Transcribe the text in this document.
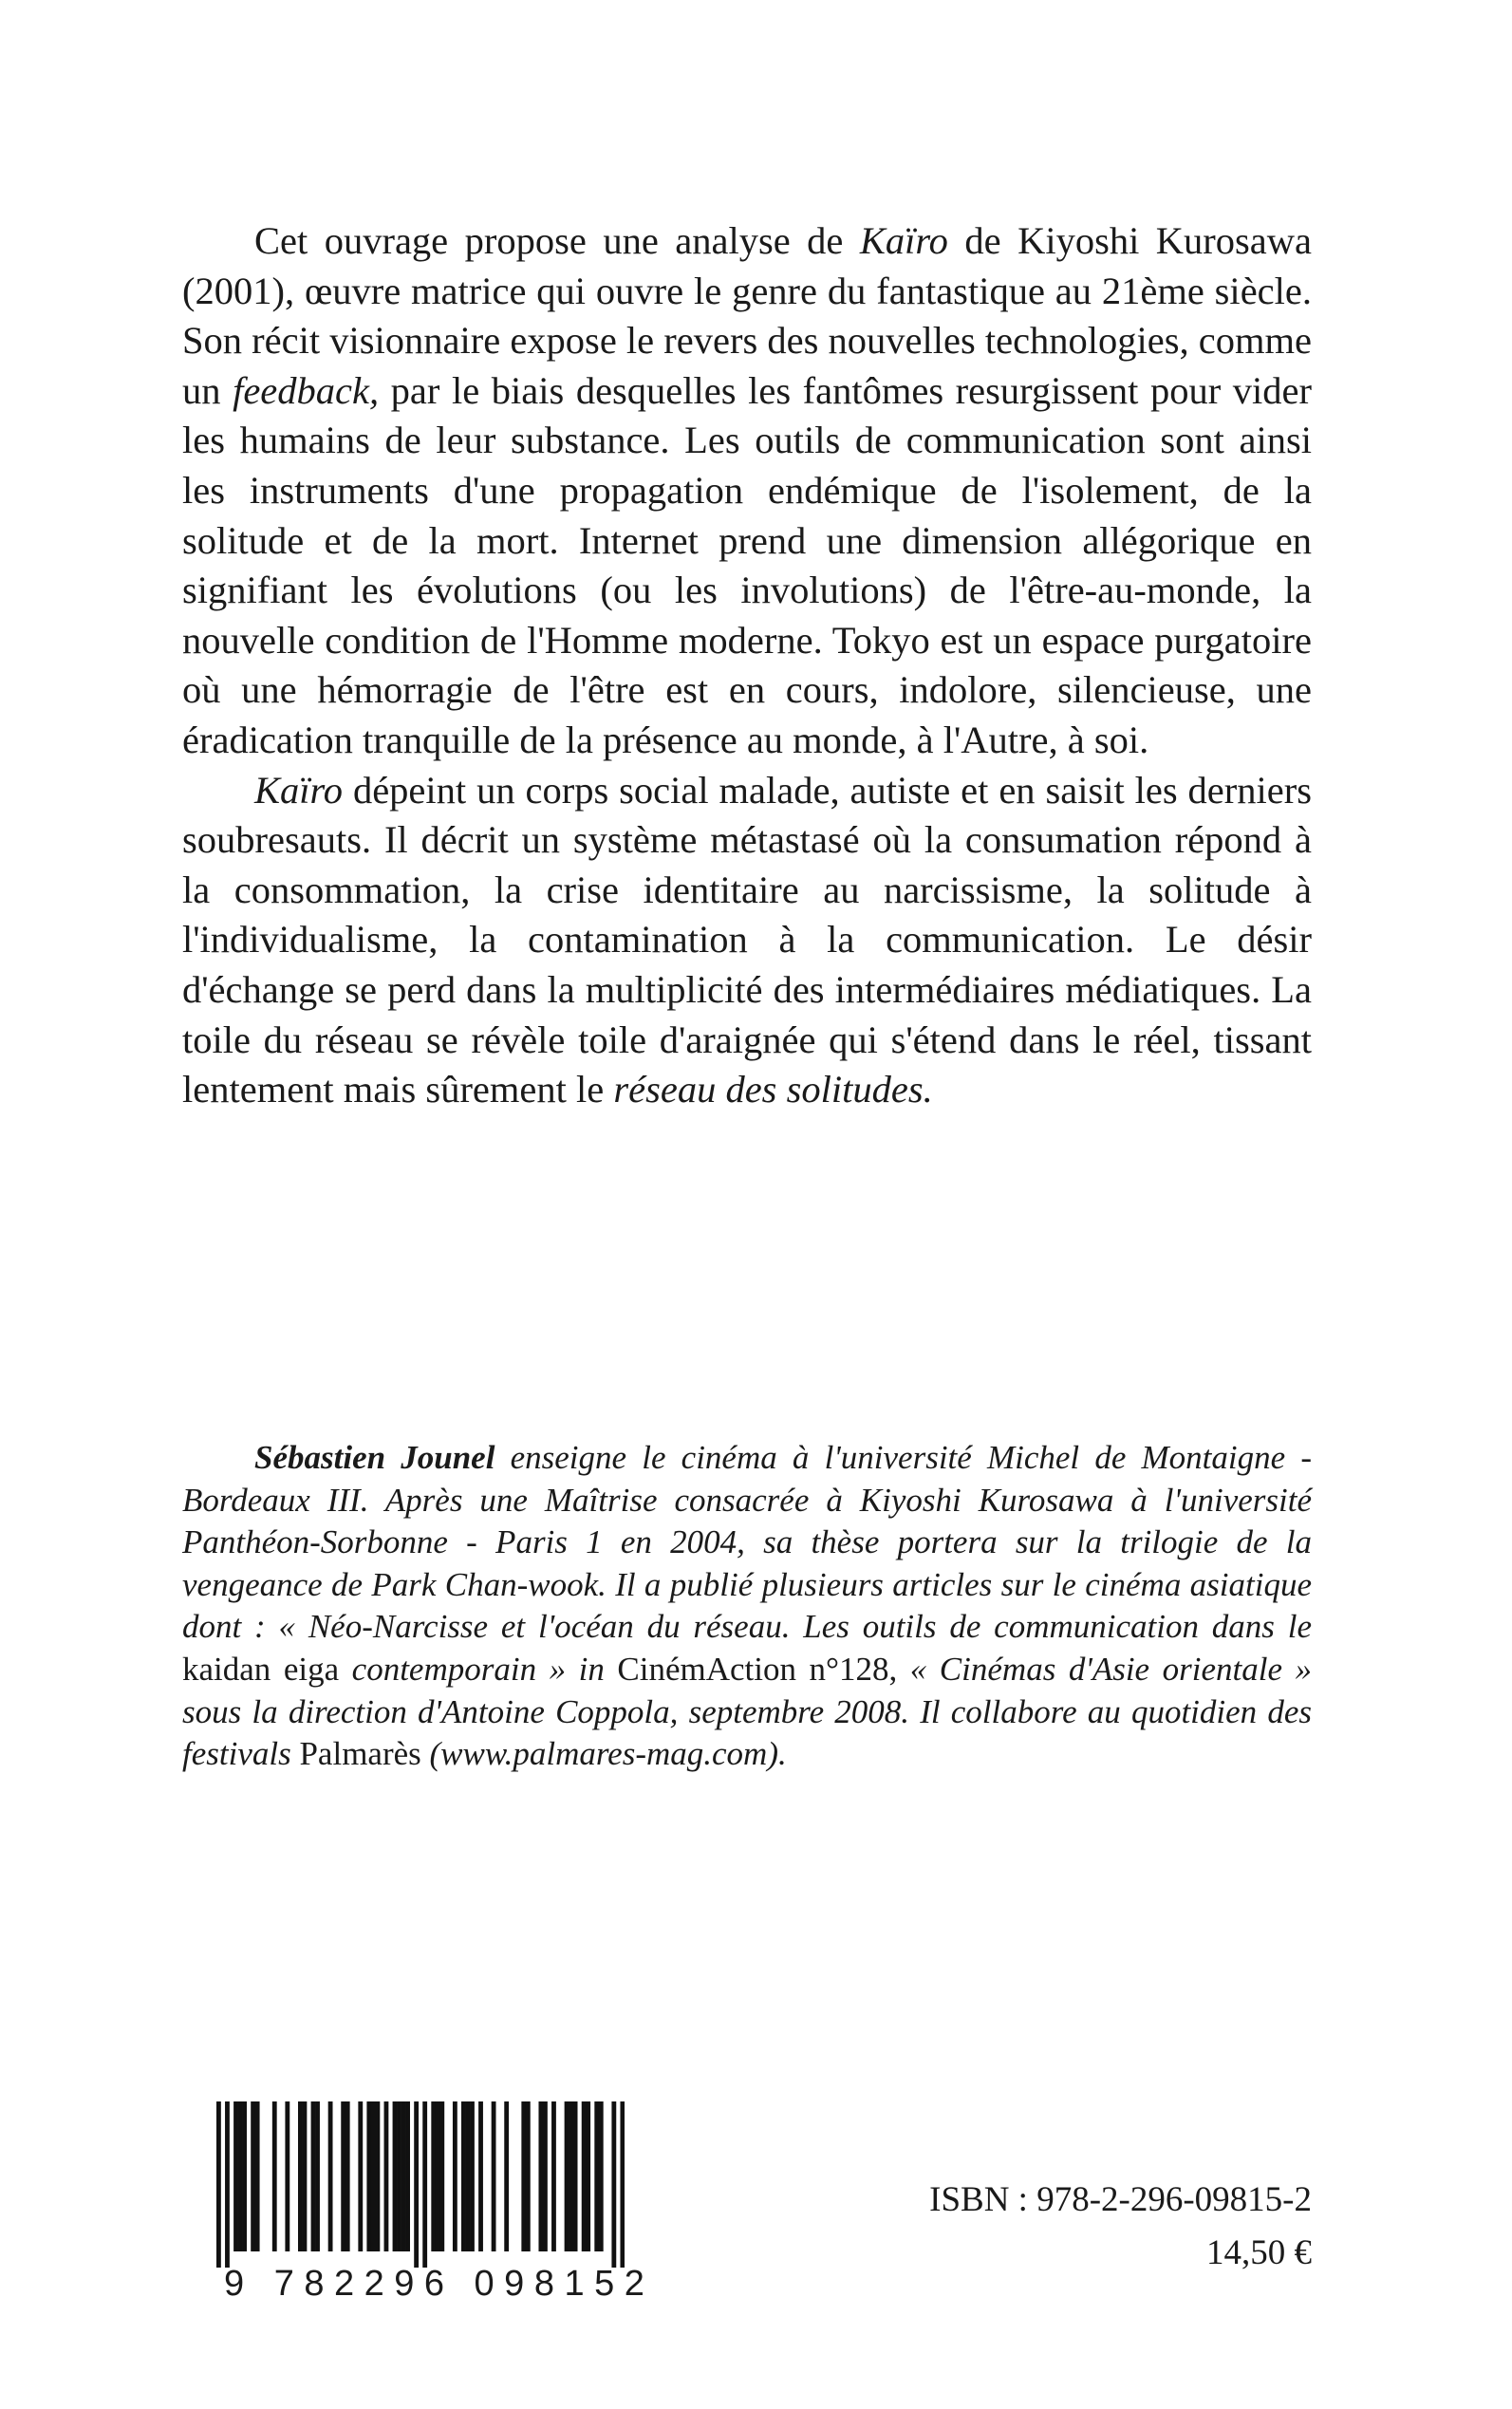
Cet ouvrage propose une analyse de Kaïro de Kiyoshi Kurosawa (2001), œuvre matrice qui ouvre le genre du fantastique au 21ème siècle. Son récit visionnaire expose le revers des nouvelles technologies, comme un feedback, par le biais desquelles les fantômes resurgissent pour vider les humains de leur substance. Les outils de communication sont ainsi les instruments d'une propagation endémique de l'isolement, de la solitude et de la mort. Internet prend une dimension allégorique en signifiant les évolutions (ou les involutions) de l'être-au-monde, la nouvelle condition de l'Homme moderne. Tokyo est un espace purgatoire où une hémorragie de l'être est en cours, indolore, silencieuse, une éradication tranquille de la présence au monde, à l'Autre, à soi.

Kaïro dépeint un corps social malade, autiste et en saisit les derniers soubresauts. Il décrit un système métastasé où la consumation répond à la consommation, la crise identitaire au narcissisme, la solitude à l'individualisme, la contamination à la communication. Le désir d'échange se perd dans la multiplicité des intermédiaires médiatiques. La toile du réseau se révèle toile d'araignée qui s'étend dans le réel, tissant lentement mais sûrement le réseau des solitudes.

Sébastien Jounel enseigne le cinéma à l'université Michel de Montaigne - Bordeaux III. Après une Maîtrise consacrée à Kiyoshi Kurosawa à l'université Panthéon-Sorbonne - Paris 1 en 2004, sa thèse portera sur la trilogie de la vengeance de Park Chan-wook. Il a publié plusieurs articles sur le cinéma asiatique dont : « Néo-Narcisse et l'océan du réseau. Les outils de communication dans le kaidan eiga contemporain » in CinémAction n°128, « Cinémas d'Asie orientale » sous la direction d'Antoine Coppola, septembre 2008. Il collabore au quotidien des festivals Palmarès (www.palmares-mag.com).

9 782296 098152
ISBN : 978-2-296-09815-2
14,50 €
